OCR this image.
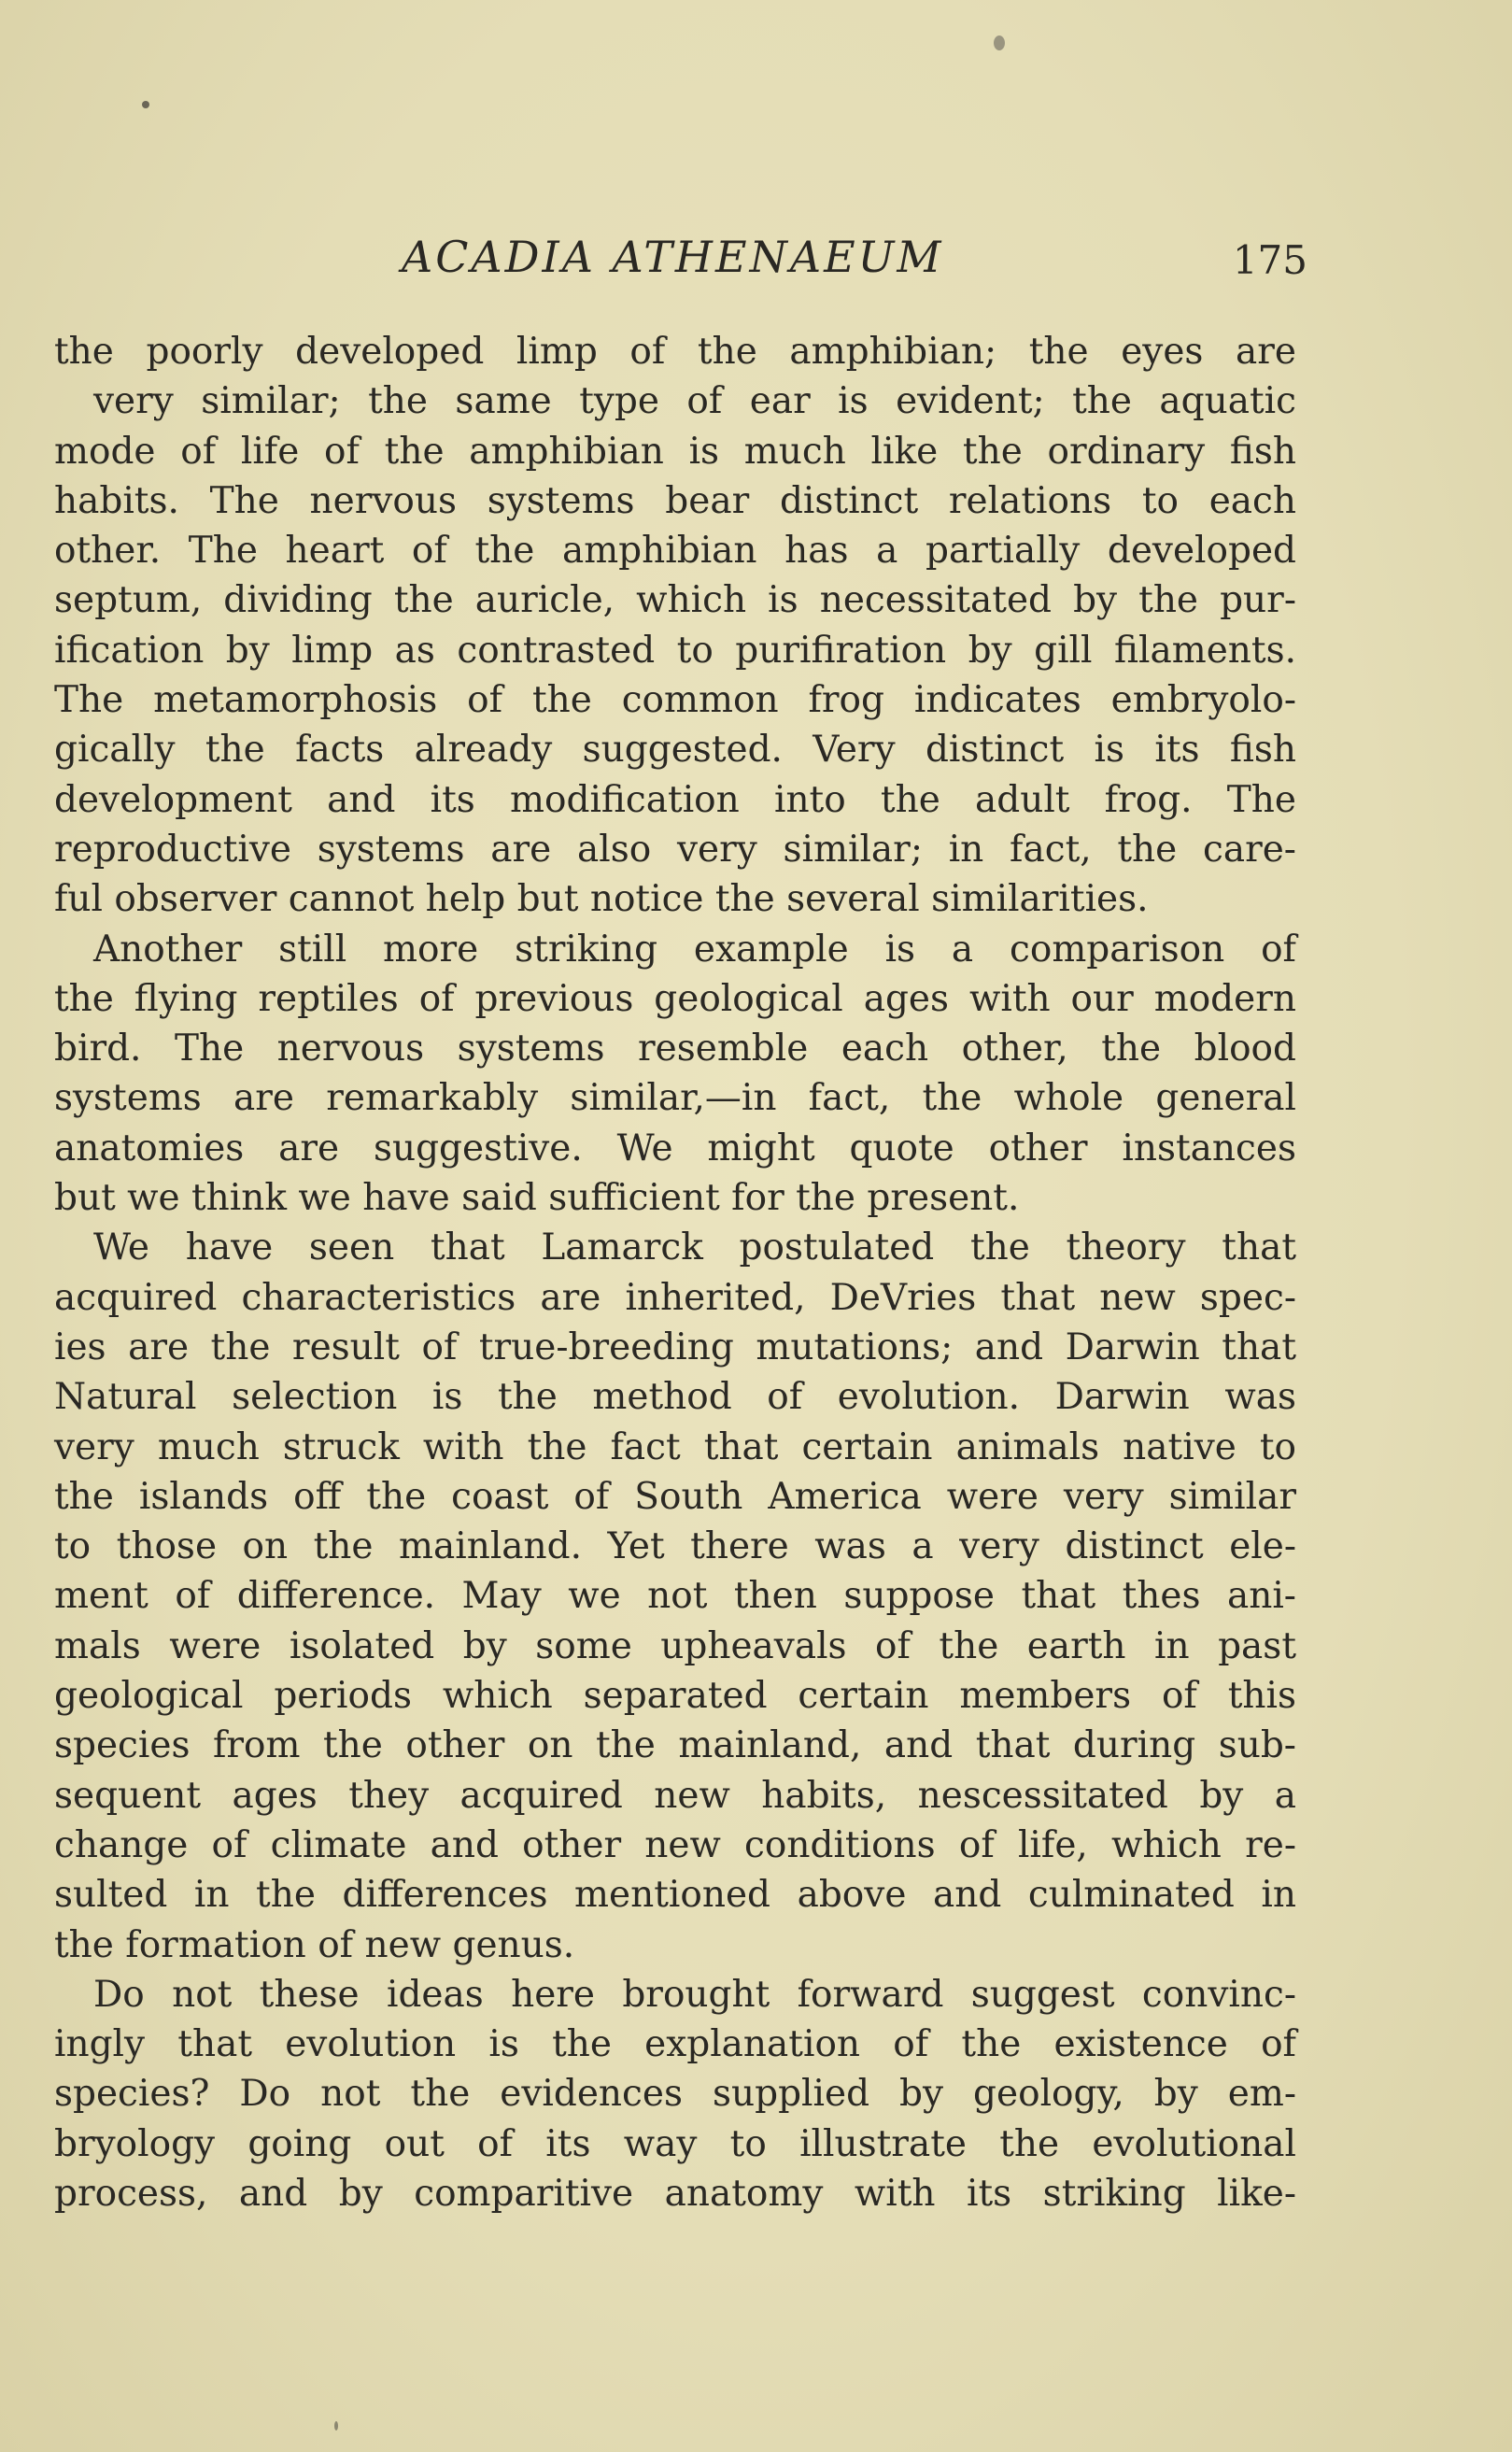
ACADIA ATHENAEUM	175
the poorly developed limp of the amphibian; the eyes are
very similar; the same type of ear is evident; the aquatic
mode of life of the amphibian is much like the ordinary fish
habits. The nervous systems bear distinct relations to each
other. The heart of the amphibian has a partially developed
septum, dividing the auricle, which is necessitated by the pur-
ification by limp as contrasted to purifiration by gill filaments.
The metamorphosis of the common frog indicates embryolo-
gically the facts already suggested. Very distinct is its fish
development and its modification into the adult frog. The
reproductive systems are also very similar; in fact, the care-
ful observer cannot help but notice the several similarities.
Another still more striking example is a comparison of
the flying reptiles of previous geological ages with our modern
bird. The nervous systems resemble each other, the blood
systems are remarkably similar,—in fact, the whole general
anatomies are suggestive. We might quote other instances
but we think we have said sufficient for the present.
We have seen that Lamarck postulated the theory that
acquired characteristics are inherited, DeVries that new spec-
ies are the result of true-breeding mutations; and Darwin that
Natural selection is the method of evolution. Darwin was
very much struck with the fact that certain animals native to
the islands off the coast of South America were very similar
to those on the mainland. Yet there was a very distinct ele-
ment of difference. May we not then suppose that thes ani-
mals were isolated by some upheavals of the earth in past
geological periods which separated certain members of this
species from the other on the mainland, and that during sub-
sequent ages they acquired new habits, nescessitated by a
change of climate and other new conditions of life, which re-
sulted in the differences mentioned above and culminated in
the formation of new genus.
Do not these ideas here brought forward suggest convinc-
ingly that evolution is the explanation of the existence of
species? Do not the evidences supplied by geology, by em-
bryology going out of its way to illustrate the evolutional
process, and by comparitive anatomy with its striking like-
